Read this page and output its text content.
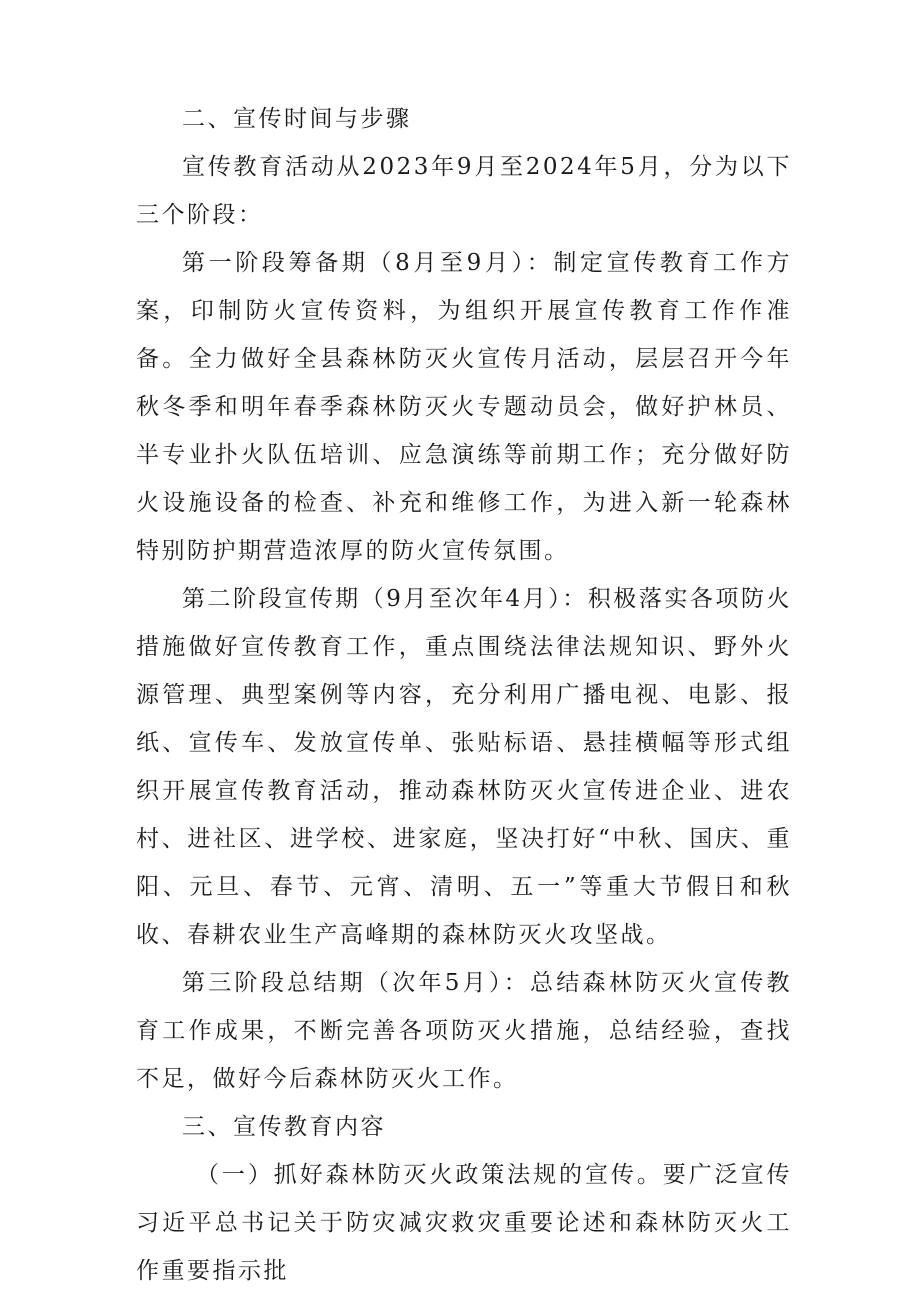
二、宣传时间与步骤

宣传教育活动从2023年9月至2024年5月，分为以下三个阶段：

第一阶段筹备期（8月至9月）：制定宣传教育工作方案，印制防火宣传资料，为组织开展宣传教育工作作准备。全力做好全县森林防灭火宣传月活动，层层召开今年秋冬季和明年春季森林防灭火专题动员会，做好护林员、半专业扑火队伍培训、应急演练等前期工作；充分做好防火设施设备的检查、补充和维修工作，为进入新一轮森林特别防护期营造浓厚的防火宣传氛围。

第二阶段宣传期（9月至次年4月）：积极落实各项防火措施做好宣传教育工作，重点围绕法律法规知识、野外火源管理、典型案例等内容，充分利用广播电视、电影、报纸、宣传车、发放宣传单、张贴标语、悬挂横幅等形式组织开展宣传教育活动，推动森林防灭火宣传进企业、进农村、进社区、进学校、进家庭，坚决打好“中秋、国庆、重阳、元旦、春节、元宵、清明、五一”等重大节假日和秋收、春耕农业生产高峰期的森林防灭火攻坚战。

第三阶段总结期（次年5月）：总结森林防灭火宣传教育工作成果，不断完善各项防灭火措施，总结经验，查找不足，做好今后森林防灭火工作。

三、宣传教育内容

（一）抓好森林防灭火政策法规的宣传。要广泛宣传习近平总书记关于防灾减灾救灾重要论述和森林防灭火工作重要指示批
